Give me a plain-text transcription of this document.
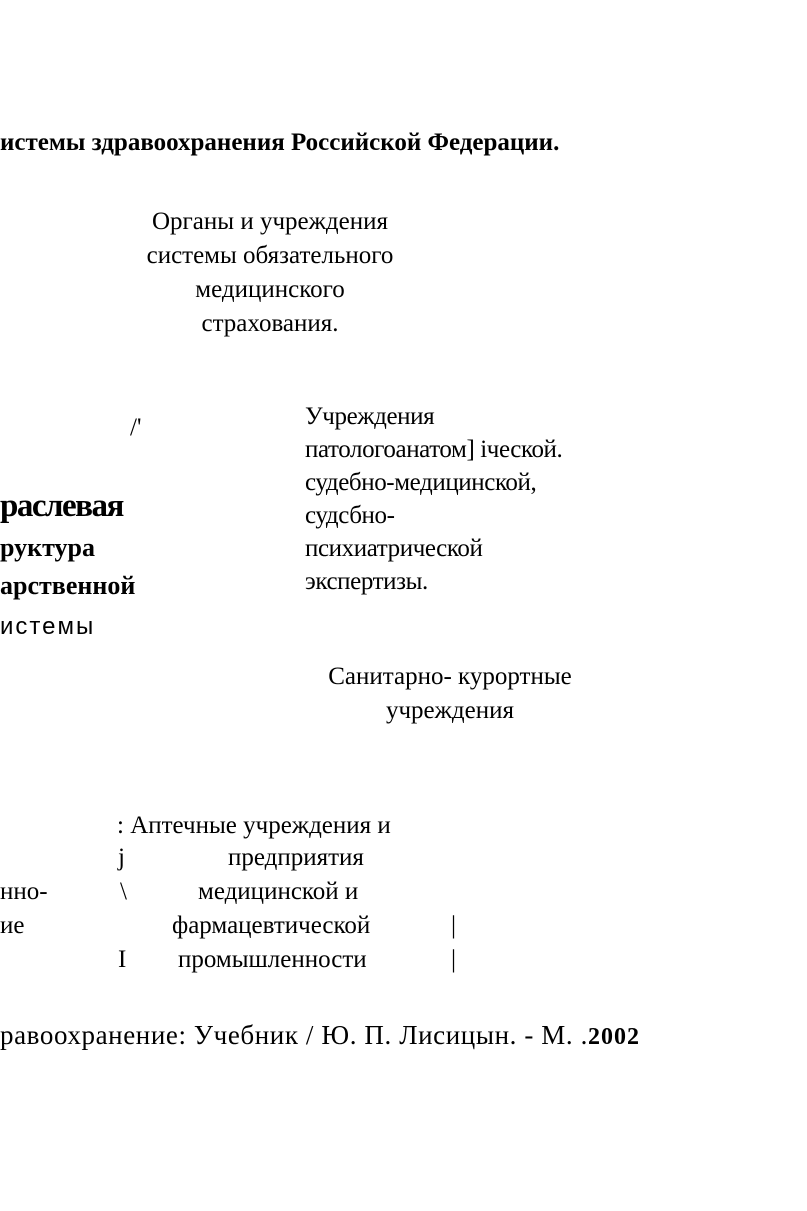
истемы здравоохранения Российской Федерации.
Органы и учреждения
системы обязательного
медицинского
страхования.
/'	Учреждения
патологоанатом] iческой.
судебно-медицинской,
судсбно-
психиатрической
экспертизы.
раслевая
руктура
арственной
истемы
Санитарно- курортные
учреждения
: Аптечные учреждения и
j	предприятия
нно-	\	медицинской и
ие	фармацевтической	|
I промышленности	|
равоохранение: Учебник / Ю. П. Лисицын. - М. .2002
